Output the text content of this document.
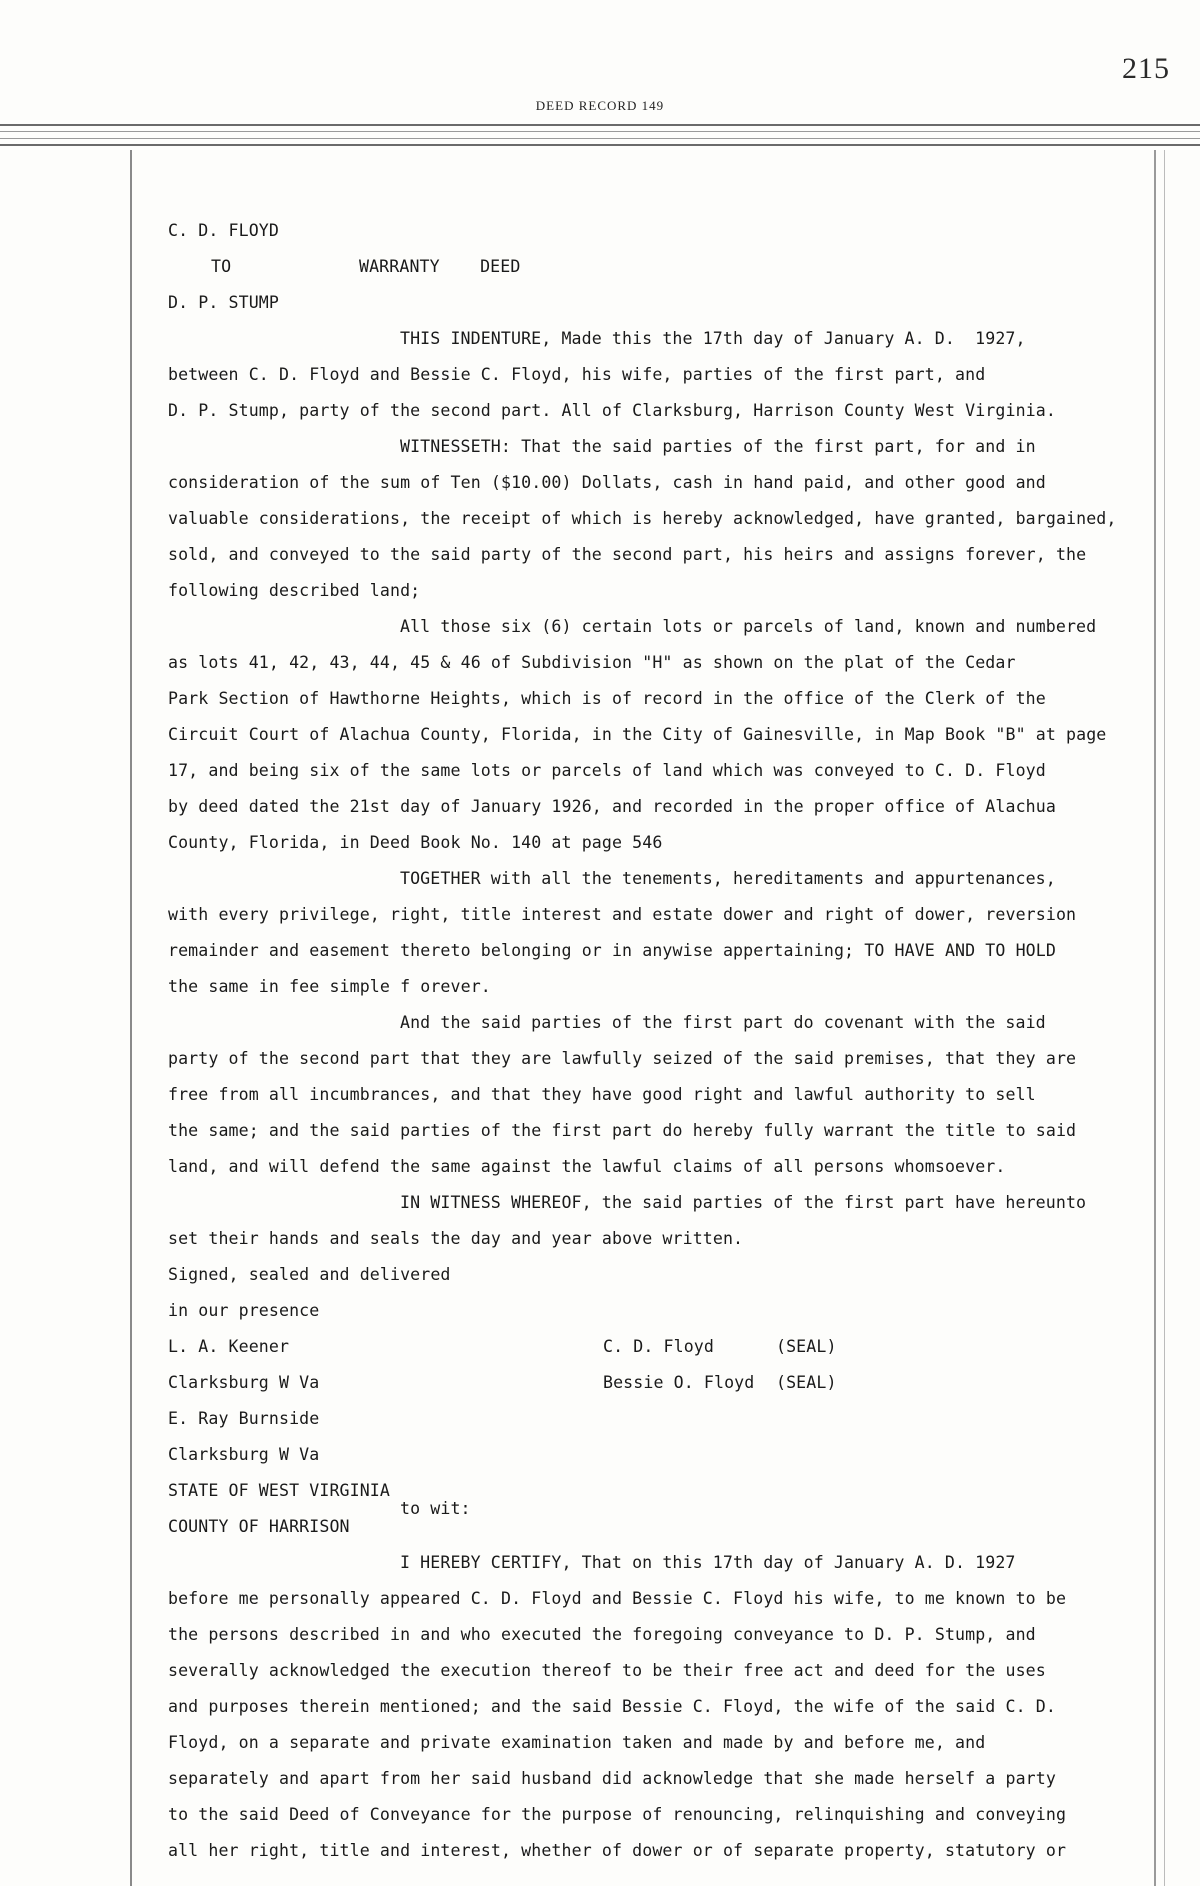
215
DEED RECORD 149
C. D. FLOYD
TO	WARRANTY    DEED
D. P. STUMP
THIS INDENTURE, Made this the 17th day of January A. D.  1927,
between C. D. Floyd and Bessie C. Floyd, his wife, parties of the first part, and
D. P. Stump, party of the second part. All of Clarksburg, Harrison County West Virginia.
WITNESSETH: That the said parties of the first part, for and in
consideration of the sum of Ten ($10.00) Dollats, cash in hand paid, and other good and
valuable considerations, the receipt of which is hereby acknowledged, have granted, bargained,
sold, and conveyed to the said party of the second part, his heirs and assigns forever, the
following described land;
All those six (6) certain lots or parcels of land, known and numbered
as lots 41, 42, 43, 44, 45 & 46 of Subdivision "H" as shown on the plat of the Cedar
Park Section of Hawthorne Heights, which is of record in the office of the Clerk of the
Circuit Court of Alachua County, Florida, in the City of Gainesville, in Map Book "B" at page
17, and being six of the same lots or parcels of land which was conveyed to C. D. Floyd
by deed dated the 21st day of January 1926, and recorded in the proper office of Alachua
County, Florida, in Deed Book No. 140 at page 546
TOGETHER with all the tenements, hereditaments and appurtenances,
with every privilege, right, title interest and estate dower and right of dower, reversion
remainder and easement thereto belonging or in anywise appertaining; TO HAVE AND TO HOLD
the same in fee simple f orever.
And the said parties of the first part do covenant with the said
party of the second part that they are lawfully seized of the said premises, that they are
free from all incumbrances, and that they have good right and lawful authority to sell
the same; and the said parties of the first part do hereby fully warrant the title to said
land, and will defend the same against the lawful claims of all persons whomsoever.
IN WITNESS WHEREOF, the said parties of the first part have hereunto
set their hands and seals the day and year above written.
Signed, sealed and delivered
in our presence
L. A. Keener	C. D. Floyd	(SEAL)
Clarksburg W Va	Bessie O. Floyd (SEAL)
E. Ray Burnside
Clarksburg W Va
STATE OF WEST VIRGINIA
to wit:
COUNTY OF HARRISON
I HEREBY CERTIFY, That on this 17th day of January A. D. 1927
before me personally appeared C. D. Floyd and Bessie C. Floyd his wife, to me known to be
the persons described in and who executed the foregoing conveyance to D. P. Stump, and
severally acknowledged the execution thereof to be their free act and deed for the uses
and purposes therein mentioned; and the said Bessie C. Floyd, the wife of the said C. D.
Floyd, on a separate and private examination taken and made by and before me, and
separately and apart from her said husband did acknowledge that she made herself a party
to the said Deed of Conveyance for the purpose of renouncing, relinquishing and conveying
all her right, title and interest, whether of dower or of separate property, statutory or
